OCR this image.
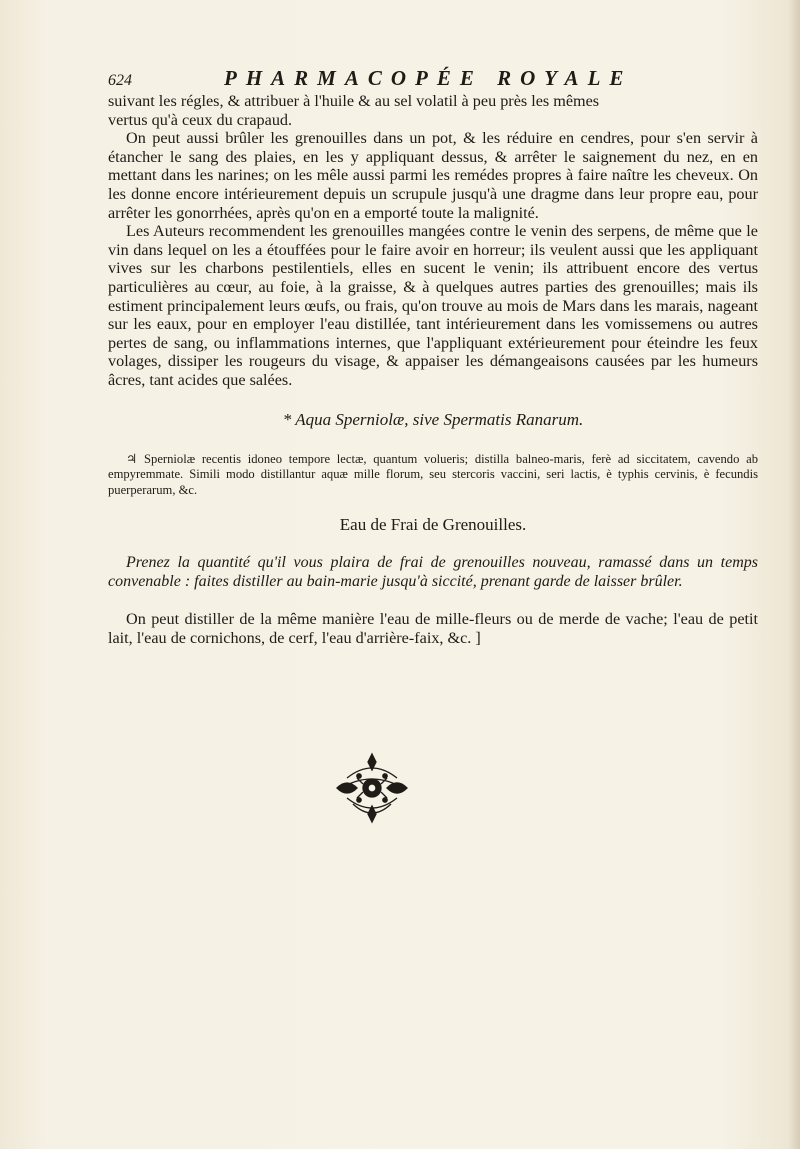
624	PHARMACOPÉE ROYALE

suivant les régles, & attribuer à l'huile & au sel volatil à peu près les mêmes
vertus qu'à ceux du crapaud.

On peut aussi brûler les grenouilles dans un pot, & les réduire en cendres, pour s'en servir à étancher le sang des plaies, en les y appliquant dessus, & arrêter le saignement du nez, en en mettant dans les narines; on les mêle aussi parmi les remédes propres à faire naître les cheveux. On les donne encore intérieurement depuis un scrupule jusqu'à une dragme dans leur propre eau, pour arrêter les gonorrhées, après qu'on en a emporté toute la malignité.

Les Auteurs recommendent les grenouilles mangées contre le venin des serpens, de même que le vin dans lequel on les a étouffées pour le faire avoir en horreur; ils veulent aussi que les appliquant vives sur les charbons pestilentiels, elles en sucent le venin; ils attribuent encore des vertus particulières au cœur, au foie, à la graisse, & à quelques autres parties des grenouilles; mais ils estiment principalement leurs œufs, ou frais, qu'on trouve au mois de Mars dans les marais, nageant sur les eaux, pour en employer l'eau distillée, tant intérieurement dans les vomissemens ou autres pertes de sang, ou inflammations internes, que l'appliquant extérieurement pour éteindre les feux volages, dissiper les rougeurs du visage, & appaiser les démangeaisons causées par les humeurs âcres, tant acides que salées.

* Aqua Sperniolæ, sive Spermatis Ranarum.

♃ Sperniolæ recentis idoneo tempore lectæ, quantum volueris; distilla balneo-maris, ferè ad siccitatem, cavendo ab empyremmate. Simili modo distillantur aquæ mille florum, seu stercoris vaccini, seri lactis, è typhis cervinis, è fecundis puerperarum, &c.

Eau de Frai de Grenouilles.

Prenez la quantité qu'il vous plaira de frai de grenouilles nouveau, ramassé dans un temps convenable : faites distiller au bain-marie jusqu'à siccité, prenant garde de laisser brûler.

On peut distiller de la même manière l'eau de mille-fleurs ou de merde de vache; l'eau de petit lait, l'eau de cornichons, de cerf, l'eau d'arrière-faix, &c. ]
